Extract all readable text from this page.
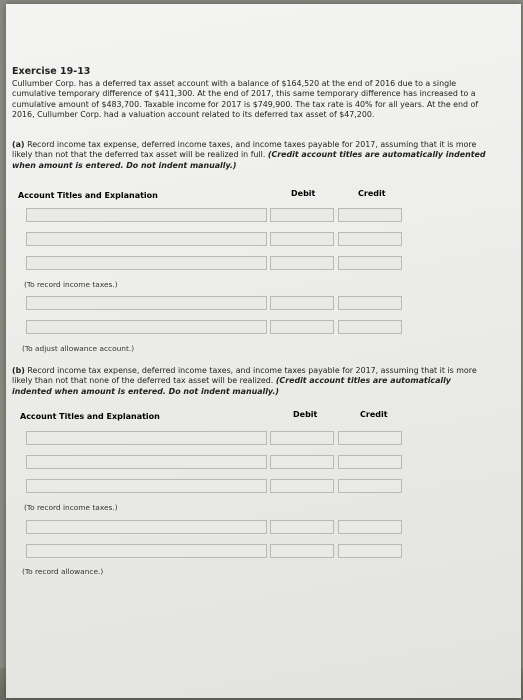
Exercise 19-13

Cullumber Corp. has a deferred tax asset account with a balance of $164,520 at the end of 2016 due to a single cumulative temporary difference of $411,300. At the end of 2017, this same temporary difference has increased to a cumulative amount of $483,700. Taxable income for 2017 is $749,900. The tax rate is 40% for all years. At the end of 2016, Cullumber Corp. had a valuation account related to its deferred tax asset of $47,200.

(a) Record income tax expense, deferred income taxes, and income taxes payable for 2017, assuming that it is more likely than not that the deferred tax asset will be realized in full. (Credit account titles are automatically indented when amount is entered. Do not indent manually.)

Account Titles and Explanation	Debit	Credit
(To record income taxes.)
(To adjust allowance account.)

(b) Record income tax expense, deferred income taxes, and income taxes payable for 2017, assuming that it is more likely than not that none of the deferred tax asset will be realized. (Credit account titles are automatically indented when amount is entered. Do not indent manually.)

Account Titles and Explanation	Debit	Credit
(To record income taxes.)
(To record allowance.)
